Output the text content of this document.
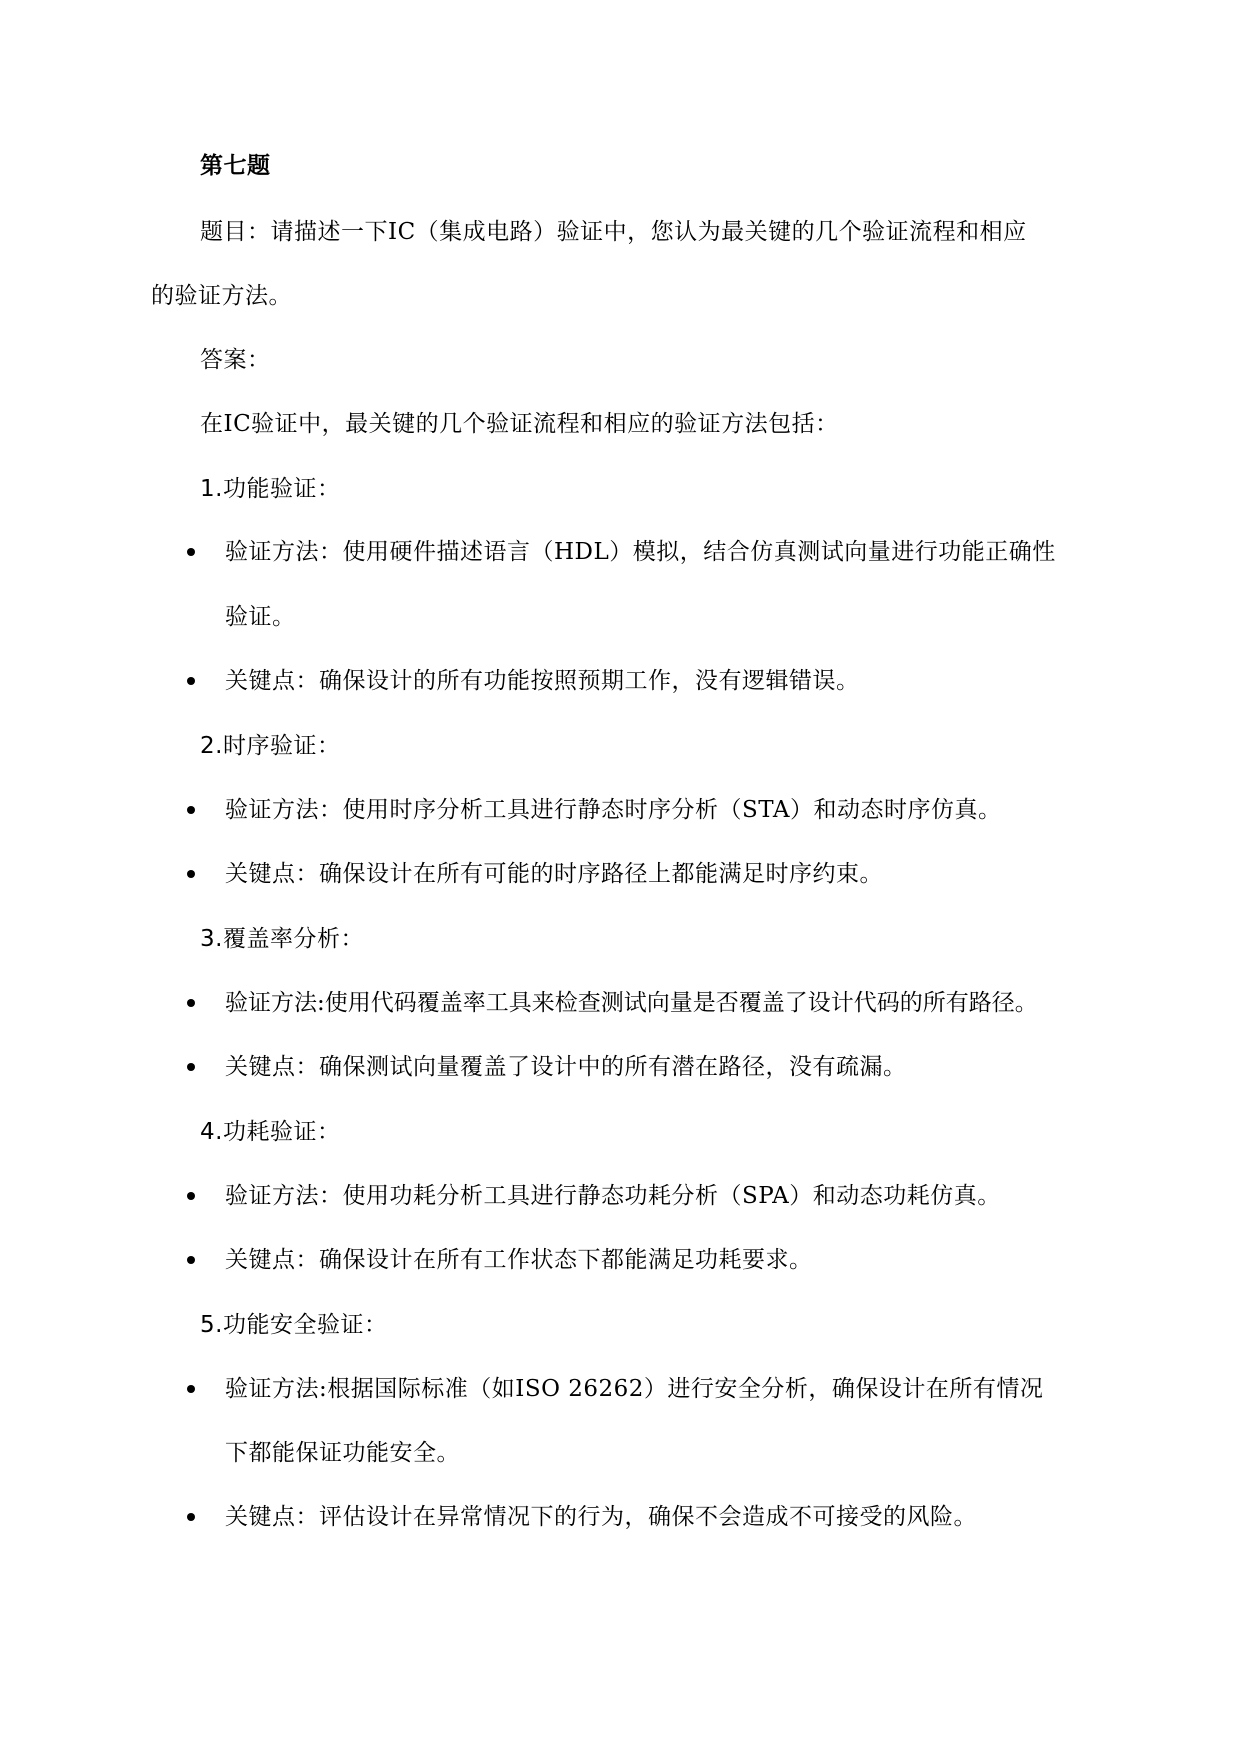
第七题
题目：请描述一下IC（集成电路）验证中，您认为最关键的几个验证流程和相应
的验证方法。
答案：
在IC验证中，最关键的几个验证流程和相应的验证方法包括：
1.功能验证：
验证方法：使用硬件描述语言（HDL）模拟，结合仿真测试向量进行功能正确性
验证。
关键点：确保设计的所有功能按照预期工作，没有逻辑错误。
2.时序验证：
验证方法：使用时序分析工具进行静态时序分析（STA）和动态时序仿真。
关键点：确保设计在所有可能的时序路径上都能满足时序约束。
3.覆盖率分析：
验证方法:使用代码覆盖率工具来检查测试向量是否覆盖了设计代码的所有路径。
关键点：确保测试向量覆盖了设计中的所有潜在路径，没有疏漏。
4.功耗验证：
验证方法：使用功耗分析工具进行静态功耗分析（SPA）和动态功耗仿真。
关键点：确保设计在所有工作状态下都能满足功耗要求。
5.功能安全验证：
验证方法:根据国际标准（如ISO 26262）进行安全分析，确保设计在所有情况
下都能保证功能安全。
关键点：评估设计在异常情况下的行为，确保不会造成不可接受的风险。
